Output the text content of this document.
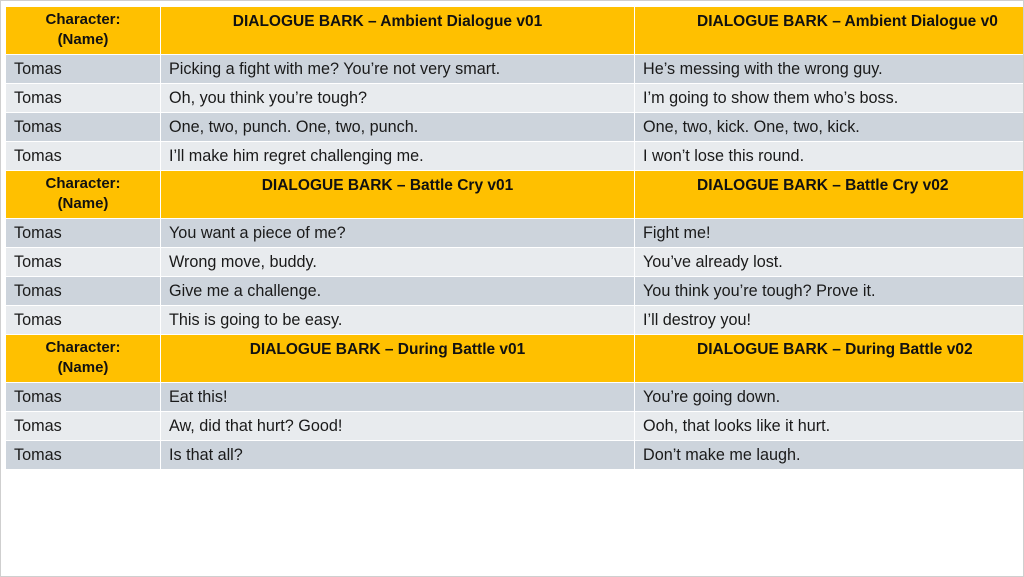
Character:
(Name)
DIALOGUE BARK – Ambient Dialogue v01	DIALOGUE BARK – Ambient Dialogue v0
Tomas	Picking a fight with me? You’re not very smart.	He’s messing with the wrong guy.
Tomas	Oh, you think you’re tough?	I’m going to show them who’s boss.
Tomas	One, two, punch. One, two, punch.	One, two, kick. One, two, kick.
Tomas	I’ll make him regret challenging me.	I won’t lose this round.
Character:
(Name)
DIALOGUE BARK – Battle Cry v01	DIALOGUE BARK – Battle Cry v02
Tomas	You want a piece of me?	Fight me!
Tomas	Wrong move, buddy.	You’ve already lost.
Tomas	Give me a challenge.	You think you’re tough? Prove it.
Tomas	This is going to be easy.	I’ll destroy you!
Character:
(Name)
DIALOGUE BARK – During Battle v01	DIALOGUE BARK – During Battle v02
Tomas	Eat this!	You’re going down.
Tomas	Aw, did that hurt? Good!	Ooh, that looks like it hurt.
Tomas	Is that all?	Don’t make me laugh.
